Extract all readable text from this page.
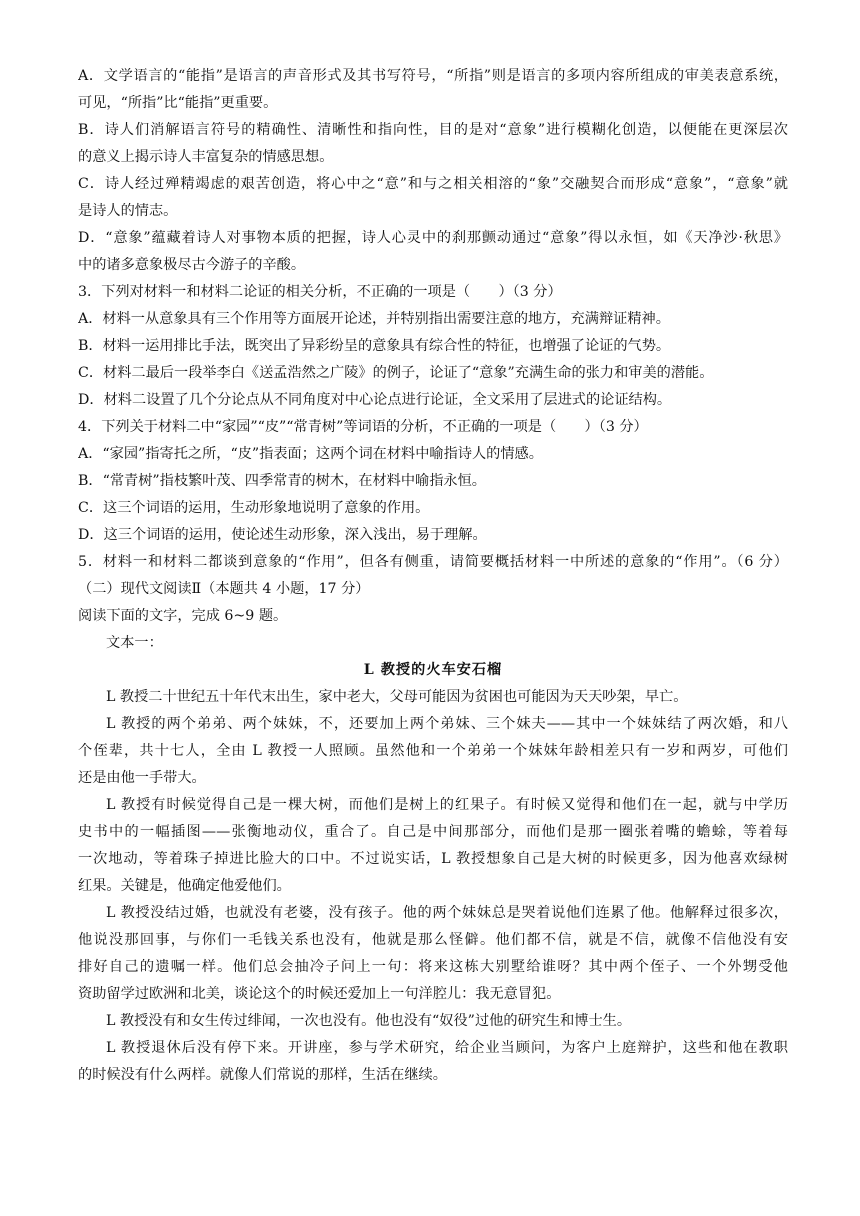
A．文学语言的“能指”是语言的声音形式及其书写符号，“所指”则是语言的多项内容所组成的审美表意系统，
可见，“所指”比“能指”更重要。
B．诗人们消解语言符号的精确性、清晰性和指向性，目的是对“意象”进行模糊化创造，以便能在更深层次
的意义上揭示诗人丰富复杂的情感思想。
C．诗人经过殚精竭虑的艰苦创造，将心中之“意”和与之相关相溶的“象”交融契合而形成“意象”，“意象”就
是诗人的情志。
D．“意象”蕴藏着诗人对事物本质的把握，诗人心灵中的刹那颤动通过“意象”得以永恒，如《天净沙·秋思》
中的诸多意象极尽古今游子的辛酸。
3．下列对材料一和材料二论证的相关分析，不正确的一项是（　　）（3 分）
A．材料一从意象具有三个作用等方面展开论述，并特别指出需要注意的地方，充满辩证精神。
B．材料一运用排比手法，既突出了异彩纷呈的意象具有综合性的特征，也增强了论证的气势。
C．材料二最后一段举李白《送孟浩然之广陵》的例子，论证了“意象”充满生命的张力和审美的潜能。
D．材料二设置了几个分论点从不同角度对中心论点进行论证，全文采用了层进式的论证结构。
4．下列关于材料二中“家园”“皮”“常青树”等词语的分析，不正确的一项是（　　）（3 分）
A．“家园”指寄托之所，“皮”指表面；这两个词在材料中喻指诗人的情感。
B．“常青树”指枝繁叶茂、四季常青的树木，在材料中喻指永恒。
C．这三个词语的运用，生动形象地说明了意象的作用。
D．这三个词语的运用，使论述生动形象，深入浅出，易于理解。
5．材料一和材料二都谈到意象的“作用”，但各有侧重，请简要概括材料一中所述的意象的“作用”。（6 分）
（二）现代文阅读Ⅱ（本题共 4 小题，17 分）
阅读下面的文字，完成 6~9 题。
文本一：
L 教授的火车安石榴
L 教授二十世纪五十年代末出生，家中老大，父母可能因为贫困也可能因为天天吵架，早亡。
L 教授的两个弟弟、两个妹妹，不，还要加上两个弟妹、三个妹夫——其中一个妹妹结了两次婚，和八
个侄辈，共十七人，全由 L 教授一人照顾。虽然他和一个弟弟一个妹妹年龄相差只有一岁和两岁，可他们
还是由他一手带大。
L 教授有时候觉得自己是一棵大树，而他们是树上的红果子。有时候又觉得和他们在一起，就与中学历
史书中的一幅插图——张衡地动仪，重合了。自己是中间那部分，而他们是那一圈张着嘴的蟾蜍，等着每
一次地动，等着珠子掉进比脸大的口中。不过说实话，L 教授想象自己是大树的时候更多，因为他喜欢绿树
红果。关键是，他确定他爱他们。
L 教授没结过婚，也就没有老婆，没有孩子。他的两个妹妹总是哭着说他们连累了他。他解释过很多次，
他说没那回事，与你们一毛钱关系也没有，他就是那么怪僻。他们都不信，就是不信，就像不信他没有安
排好自己的遗嘱一样。他们总会抽冷子问上一句：将来这栋大别墅给谁呀？其中两个侄子、一个外甥受他
资助留学过欧洲和北美，谈论这个的时候还爱加上一句洋腔儿：我无意冒犯。
L 教授没有和女生传过绯闻，一次也没有。他也没有“奴役”过他的研究生和博士生。
L 教授退休后没有停下来。开讲座，参与学术研究，给企业当顾问，为客户上庭辩护，这些和他在教职
的时候没有什么两样。就像人们常说的那样，生活在继续。
